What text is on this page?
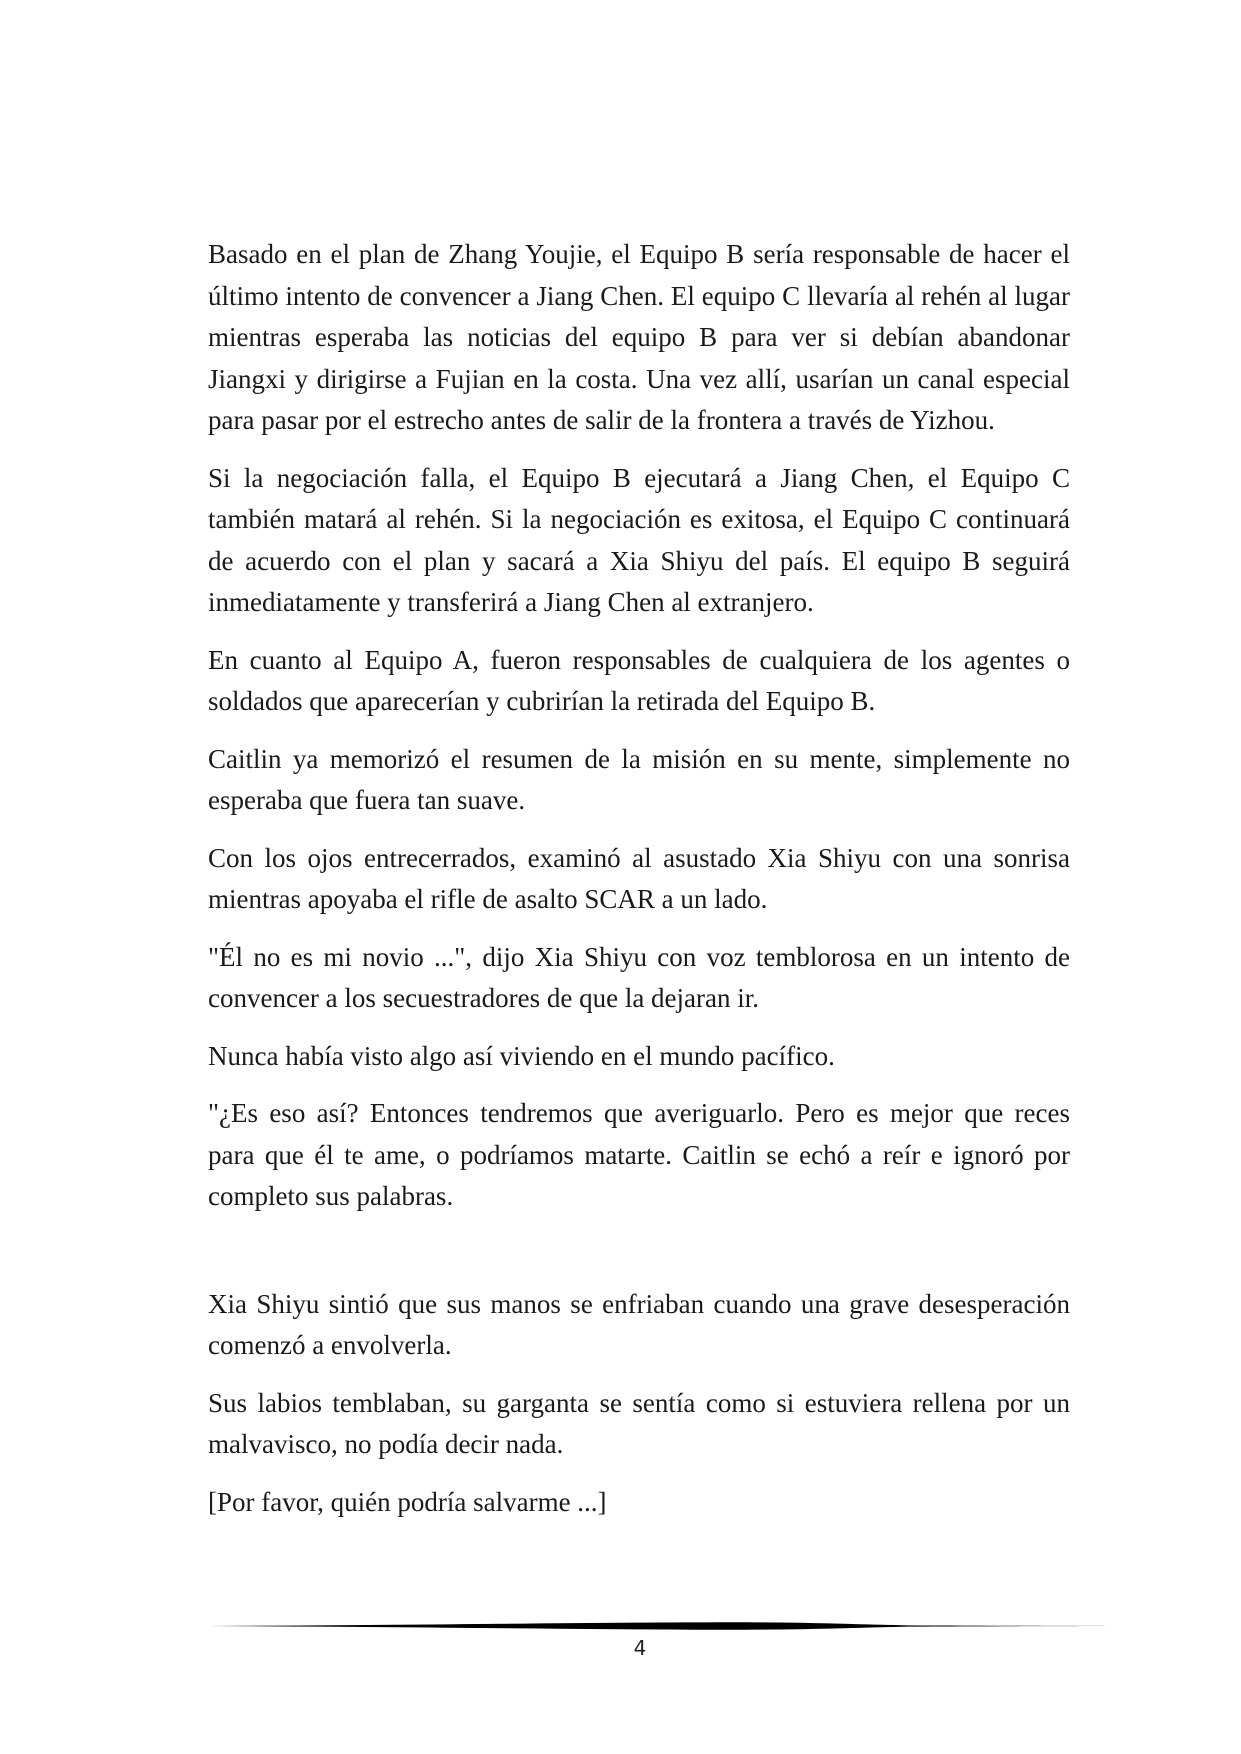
Basado en el plan de Zhang Youjie, el Equipo B sería responsable de hacer el último intento de convencer a Jiang Chen. El equipo C llevaría al rehén al lugar mientras esperaba las noticias del equipo B para ver si debían abandonar Jiangxi y dirigirse a Fujian en la costa. Una vez allí, usarían un canal especial para pasar por el estrecho antes de salir de la frontera a través de Yizhou.

Si la negociación falla, el Equipo B ejecutará a Jiang Chen, el Equipo C también matará al rehén. Si la negociación es exitosa, el Equipo C continuará de acuerdo con el plan y sacará a Xia Shiyu del país. El equipo B seguirá inmediatamente y transferirá a Jiang Chen al extranjero.

En cuanto al Equipo A, fueron responsables de cualquiera de los agentes o soldados que aparecerían y cubrirían la retirada del Equipo B.

Caitlin ya memorizó el resumen de la misión en su mente, simplemente no esperaba que fuera tan suave.

Con los ojos entrecerrados, examinó al asustado Xia Shiyu con una sonrisa mientras apoyaba el rifle de asalto SCAR a un lado.

"Él no es mi novio ...", dijo Xia Shiyu con voz temblorosa en un intento de convencer a los secuestradores de que la dejaran ir.

Nunca había visto algo así viviendo en el mundo pacífico.

"¿Es eso así? Entonces tendremos que averiguarlo. Pero es mejor que reces para que él te ame, o podríamos matarte. Caitlin se echó a reír e ignoró por completo sus palabras.

Xia Shiyu sintió que sus manos se enfriaban cuando una grave desesperación comenzó a envolverla.

Sus labios temblaban, su garganta se sentía como si estuviera rellena por un malvavisco, no podía decir nada.

[Por favor, quién podría salvarme ...]

4
